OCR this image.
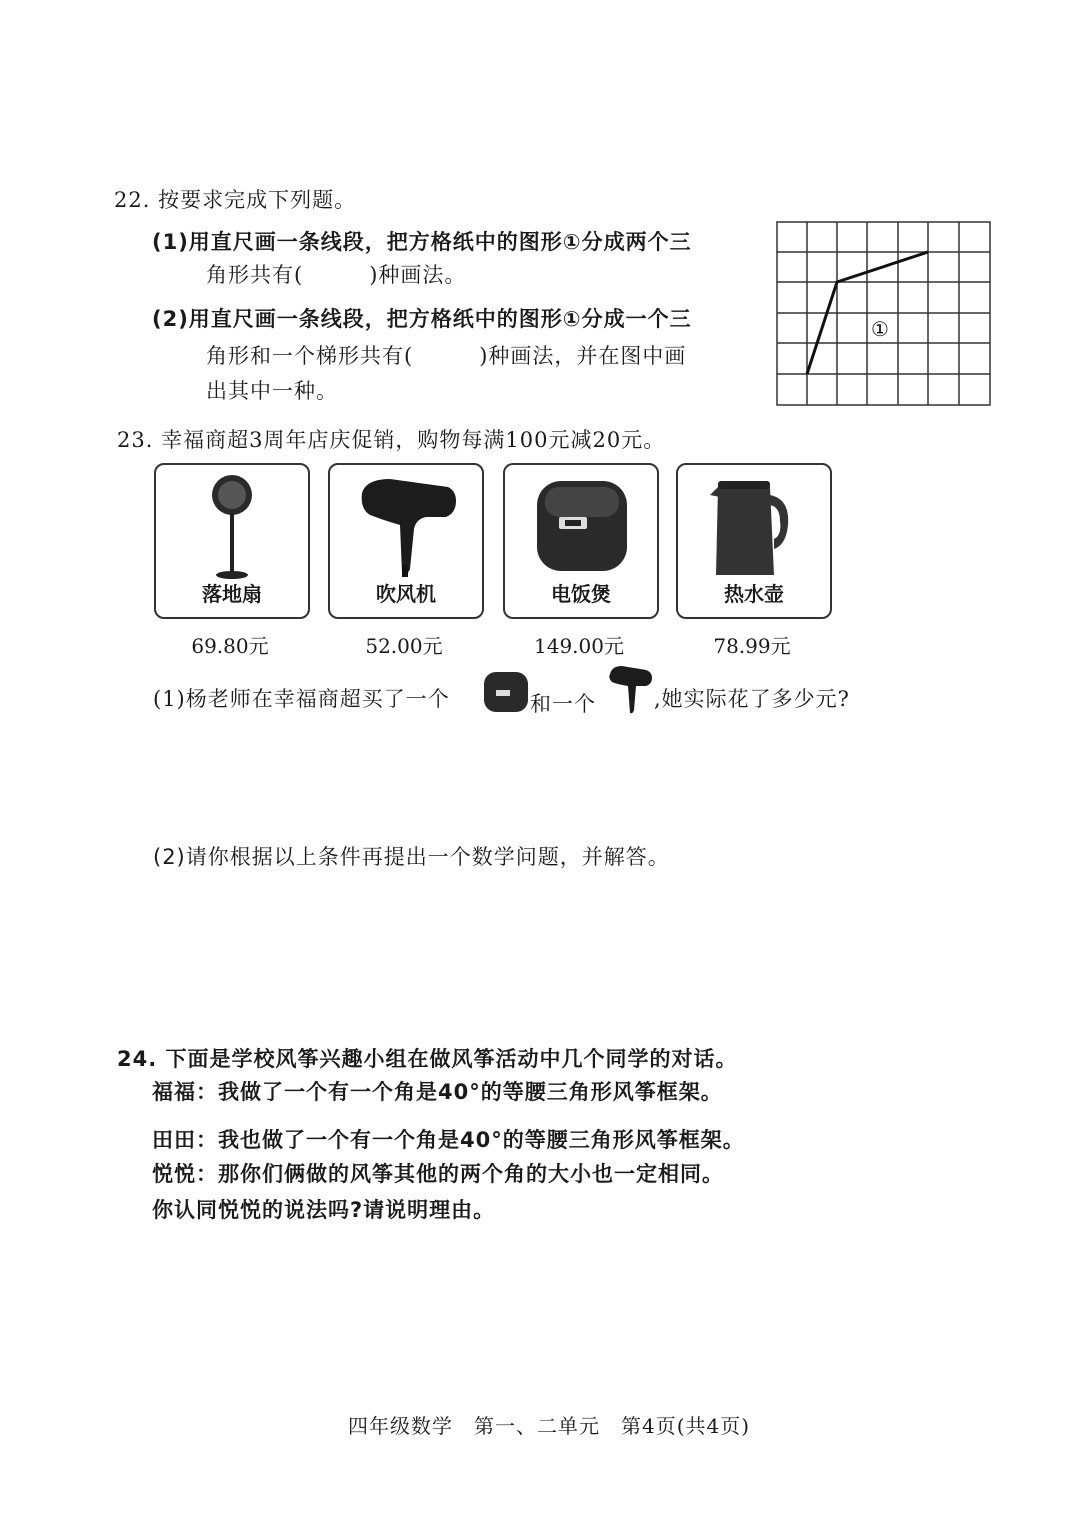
22. 按要求完成下列题。
(1)用直尺画一条线段，把方格纸中的图形①分成两个三
角形共有(　　　)种画法。
(2)用直尺画一条线段，把方格纸中的图形①分成一个三
角形和一个梯形共有(　　　)种画法，并在图中画
出其中一种。
①
23. 幸福商超3周年店庆促销，购物每满100元减20元。
落地扇	吹风机	电饭煲	热水壶
69.80元	52.00元	149.00元	78.99元
(1)杨老师在幸福商超买了一个	和一个	,她实际花了多少元?
(2)请你根据以上条件再提出一个数学问题，并解答。
24. 下面是学校风筝兴趣小组在做风筝活动中几个同学的对话。
福福：我做了一个有一个角是40°的等腰三角形风筝框架。
田田：我也做了一个有一个角是40°的等腰三角形风筝框架。
悦悦：那你们俩做的风筝其他的两个角的大小也一定相同。
你认同悦悦的说法吗?请说明理由。
四年级数学　第一、二单元　第4页(共4页)
